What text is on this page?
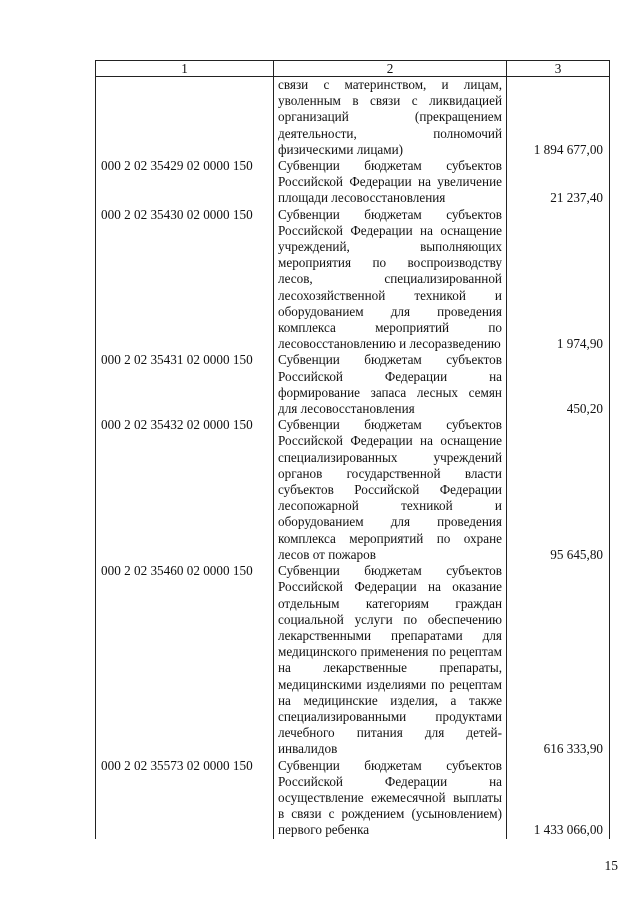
1	2	3
	связи с материнством, и лицам, уволенным в связи с ликвидацией организаций (прекращением деятельности, полномочий физическими лицами)	1 894 677,00
000 2 02 35429 02 0000 150	Субвенции бюджетам субъектов Российской Федерации на увеличение площади лесовосстановления	21 237,40
000 2 02 35430 02 0000 150	Субвенции бюджетам субъектов Российской Федерации на оснащение учреждений, выполняющих мероприятия по воспроизводству лесов, специализированной лесохозяйственной техникой и оборудованием для проведения комплекса мероприятий по лесовосстановлению и лесоразведению	1 974,90
000 2 02 35431 02 0000 150	Субвенции бюджетам субъектов Российской Федерации на формирование запаса лесных семян для лесовосстановления	450,20
000 2 02 35432 02 0000 150	Субвенции бюджетам субъектов Российской Федерации на оснащение специализированных учреждений органов государственной власти субъектов Российской Федерации лесопожарной техникой и оборудованием для проведения комплекса мероприятий по охране лесов от пожаров	95 645,80
000 2 02 35460 02 0000 150	Субвенции бюджетам субъектов Российской Федерации на оказание отдельным категориям граждан социальной услуги по обеспечению лекарственными препаратами для медицинского применения по рецептам на лекарственные препараты, медицинскими изделиями по рецептам на медицинские изделия, а также специализированными продуктами лечебного питания для детей-инвалидов	616 333,90
000 2 02 35573 02 0000 150	Субвенции бюджетам субъектов Российской Федерации на осуществление ежемесячной выплаты в связи с рождением (усыновлением) первого ребенка	1 433 066,00
15
